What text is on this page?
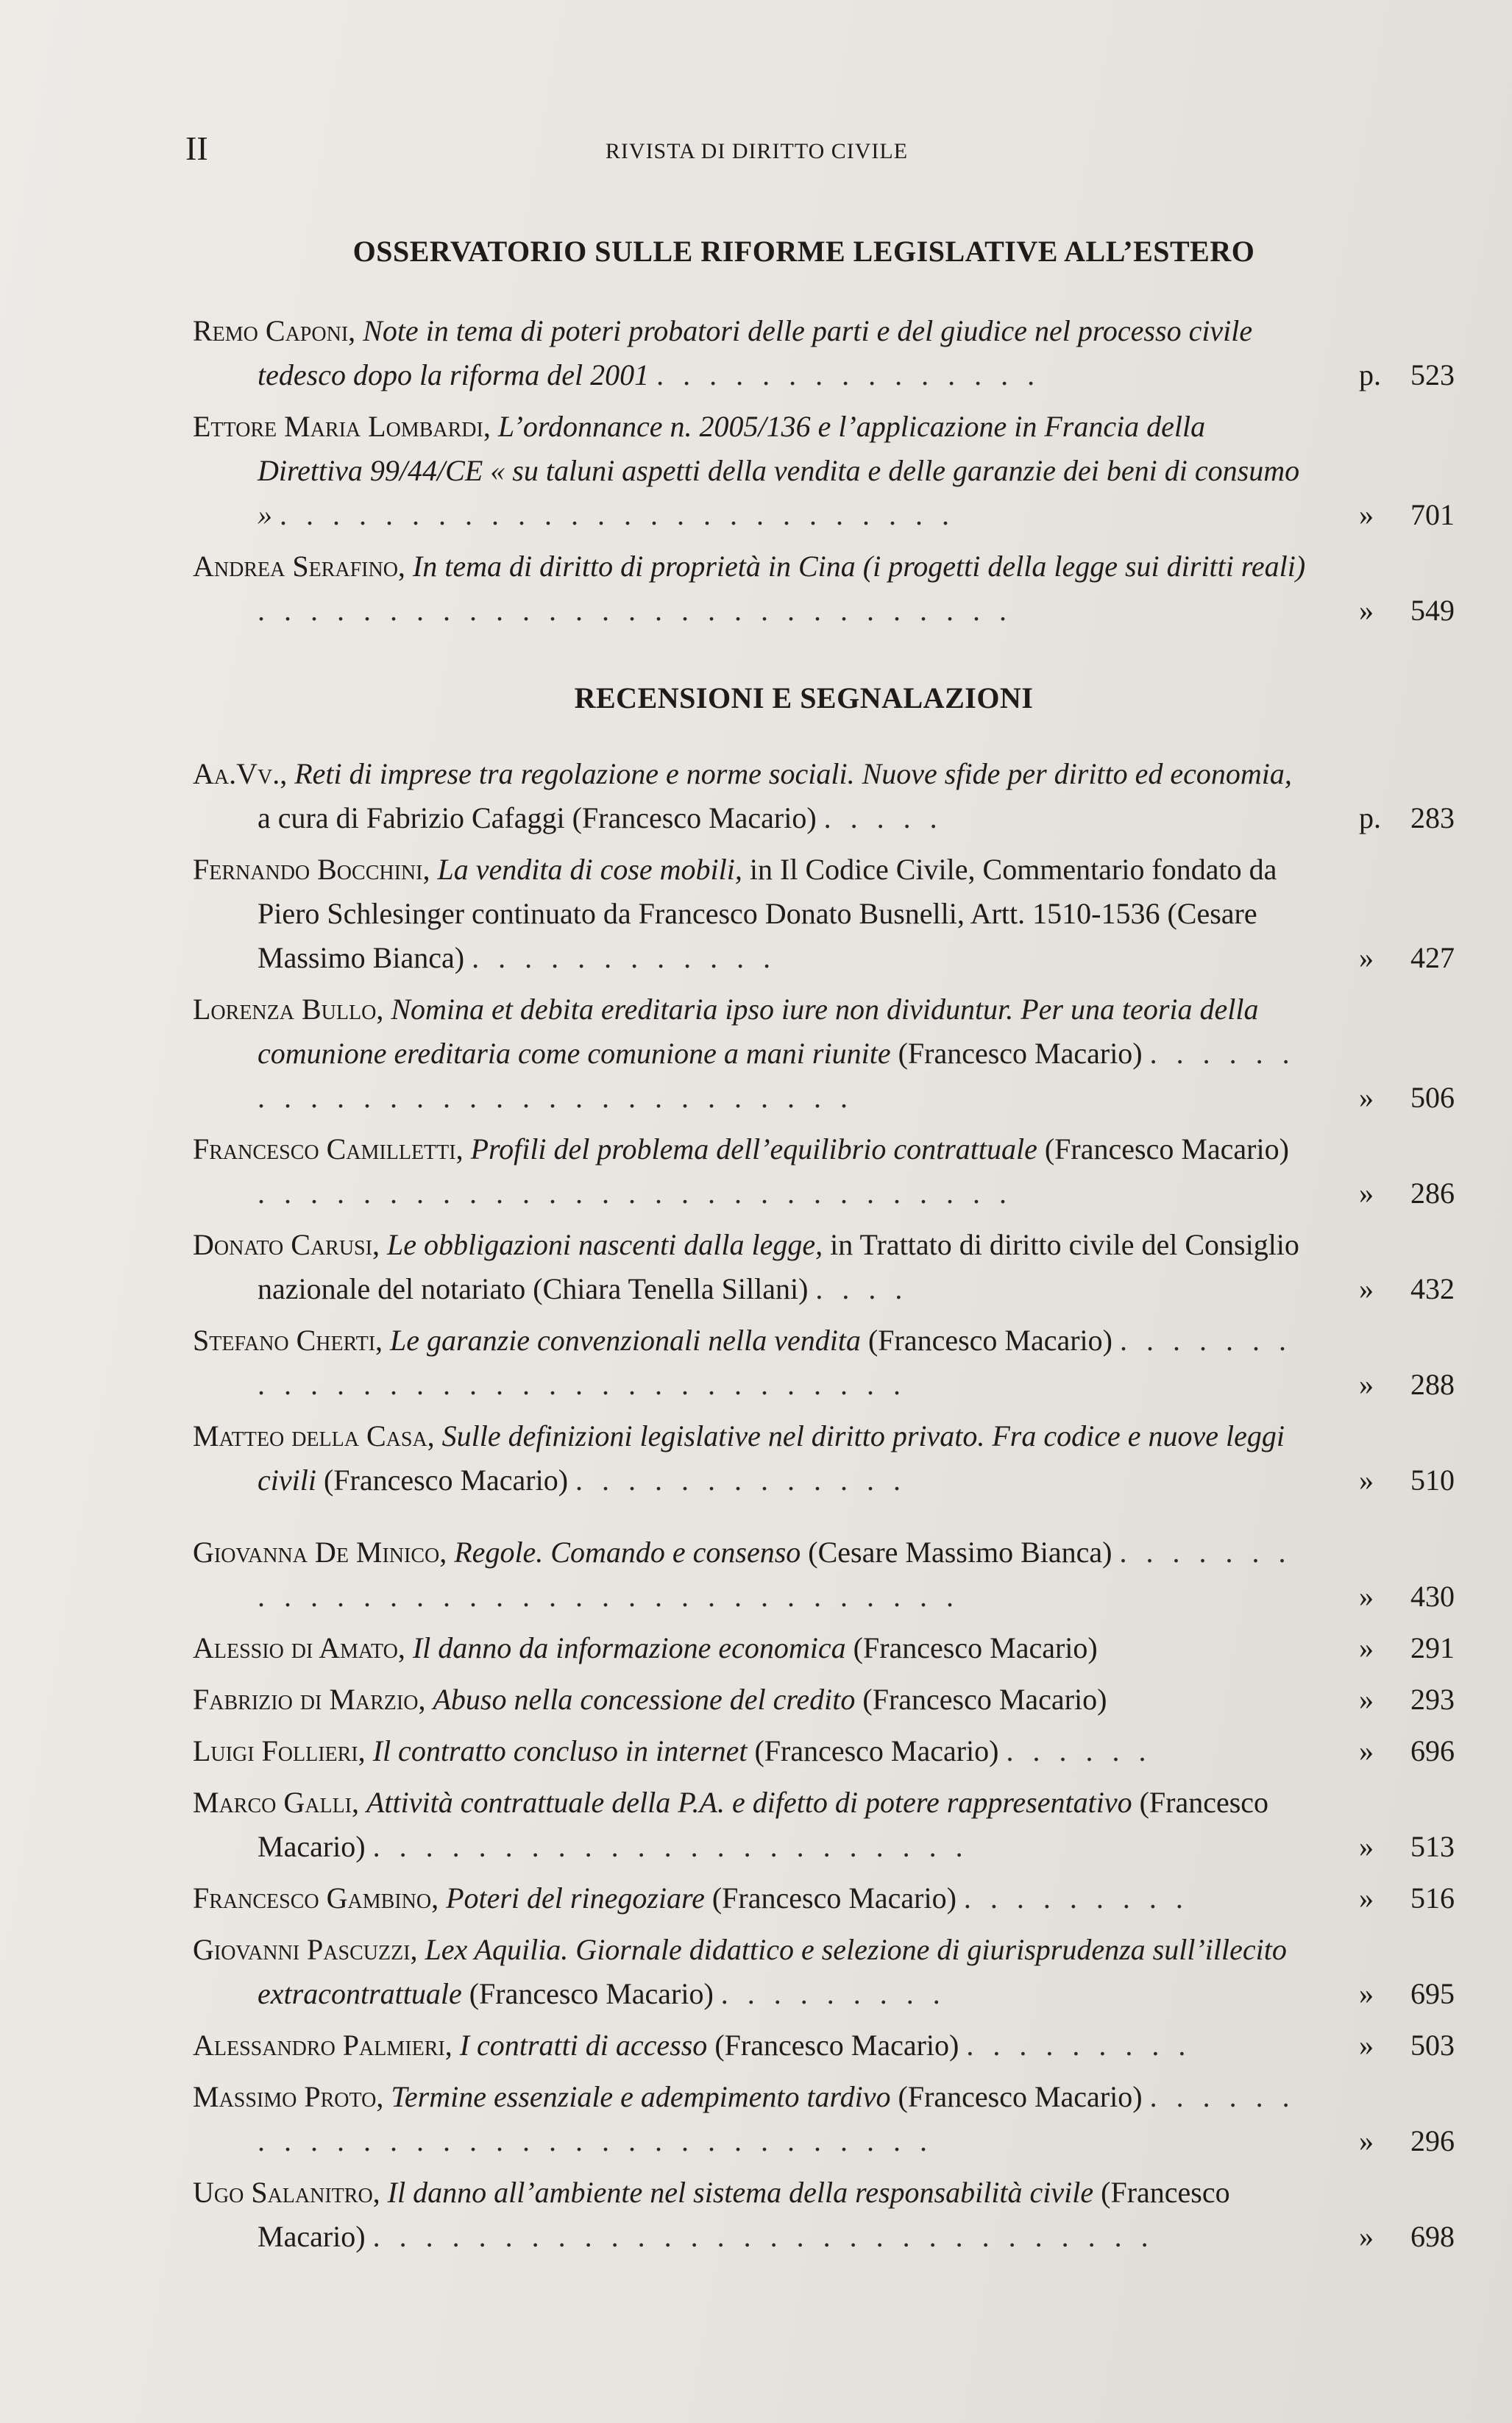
II	RIVISTA DI DIRITTO CIVILE
OSSERVATORIO SULLE RIFORME LEGISLATIVE ALL’ESTERO
Remo Caponi, Note in tema di poteri probatori delle parti e del giudice nel processo civile tedesco dopo la riforma del 2001 . . . . . . . . . . . . . . .	p. 523
Ettore Maria Lombardi, L’ordonnance n. 2005/136 e l’applicazione in Francia della Direttiva 99/44/CE « su taluni aspetti della vendita e delle garanzie dei beni di consumo » . . . . . . . . . . . . . . . . . . . . . . . . . .	» 701
Andrea Serafino, In tema di diritto di proprietà in Cina (i progetti della legge sui diritti reali) . . . . . . . . . . . . . . . . . . . . . . . . . . . . .	» 549
RECENSIONI E SEGNALAZIONI
Aa.Vv., Reti di imprese tra regolazione e norme sociali. Nuove sfide per diritto ed economia, a cura di Fabrizio Cafaggi (Francesco Macario) . . . . .	p. 283
Fernando Bocchini, La vendita di cose mobili, in Il Codice Civile, Commentario fondato da Piero Schlesinger continuato da Francesco Donato Busnelli, Artt. 1510-1536 (Cesare Massimo Bianca) . . . . . . . . . . . .	» 427
Lorenza Bullo, Nomina et debita ereditaria ipso iure non dividuntur. Per una teoria della comunione ereditaria come comunione a mani riunite (Francesco Macario) . . . . . . . . . . . . . . . . . . . . . . . . . . . . .	» 506
Francesco Camilletti, Profili del problema dell’equilibrio contrattuale (Francesco Macario) . . . . . . . . . . . . . . . . . . . . . . . . . . . . .	» 286
Donato Carusi, Le obbligazioni nascenti dalla legge, in Trattato di diritto civile del Consiglio nazionale del notariato (Chiara Tenella Sillani) . . . .	» 432
Stefano Cherti, Le garanzie convenzionali nella vendita (Francesco Macario) . . . . . . . . . . . . . . . . . . . . . . . . . . . . . . . .	» 288
Matteo della Casa, Sulle definizioni legislative nel diritto privato. Fra codice e nuove leggi civili (Francesco Macario) . . . . . . . . . . . . .	» 510
Giovanna De Minico, Regole. Comando e consenso (Cesare Massimo Bianca) . . . . . . . . . . . . . . . . . . . . . . . . . . . . . . . . . .	» 430
Alessio di Amato, Il danno da informazione economica (Francesco Macario)	» 291
Fabrizio di Marzio, Abuso nella concessione del credito (Francesco Macario)	» 293
Luigi Follieri, Il contratto concluso in internet (Francesco Macario) . . . . . .	» 696
Marco Galli, Attività contrattuale della P.A. e difetto di potere rappresentativo (Francesco Macario) . . . . . . . . . . . . . . . . . . . . . . .	» 513
Francesco Gambino, Poteri del rinegoziare (Francesco Macario) . . . . . . . . .	» 516
Giovanni Pascuzzi, Lex Aquilia. Giornale didattico e selezione di giurisprudenza sull’illecito extracontrattuale (Francesco Macario) . . . . . . . . .	» 695
Alessandro Palmieri, I contratti di accesso (Francesco Macario) . . . . . . . . .	» 503
Massimo Proto, Termine essenziale e adempimento tardivo (Francesco Macario) . . . . . . . . . . . . . . . . . . . . . . . . . . . . . . . .	» 296
Ugo Salanitro, Il danno all’ambiente nel sistema della responsabilità civile (Francesco Macario) . . . . . . . . . . . . . . . . . . . . . . . . . . . . . .	» 698
